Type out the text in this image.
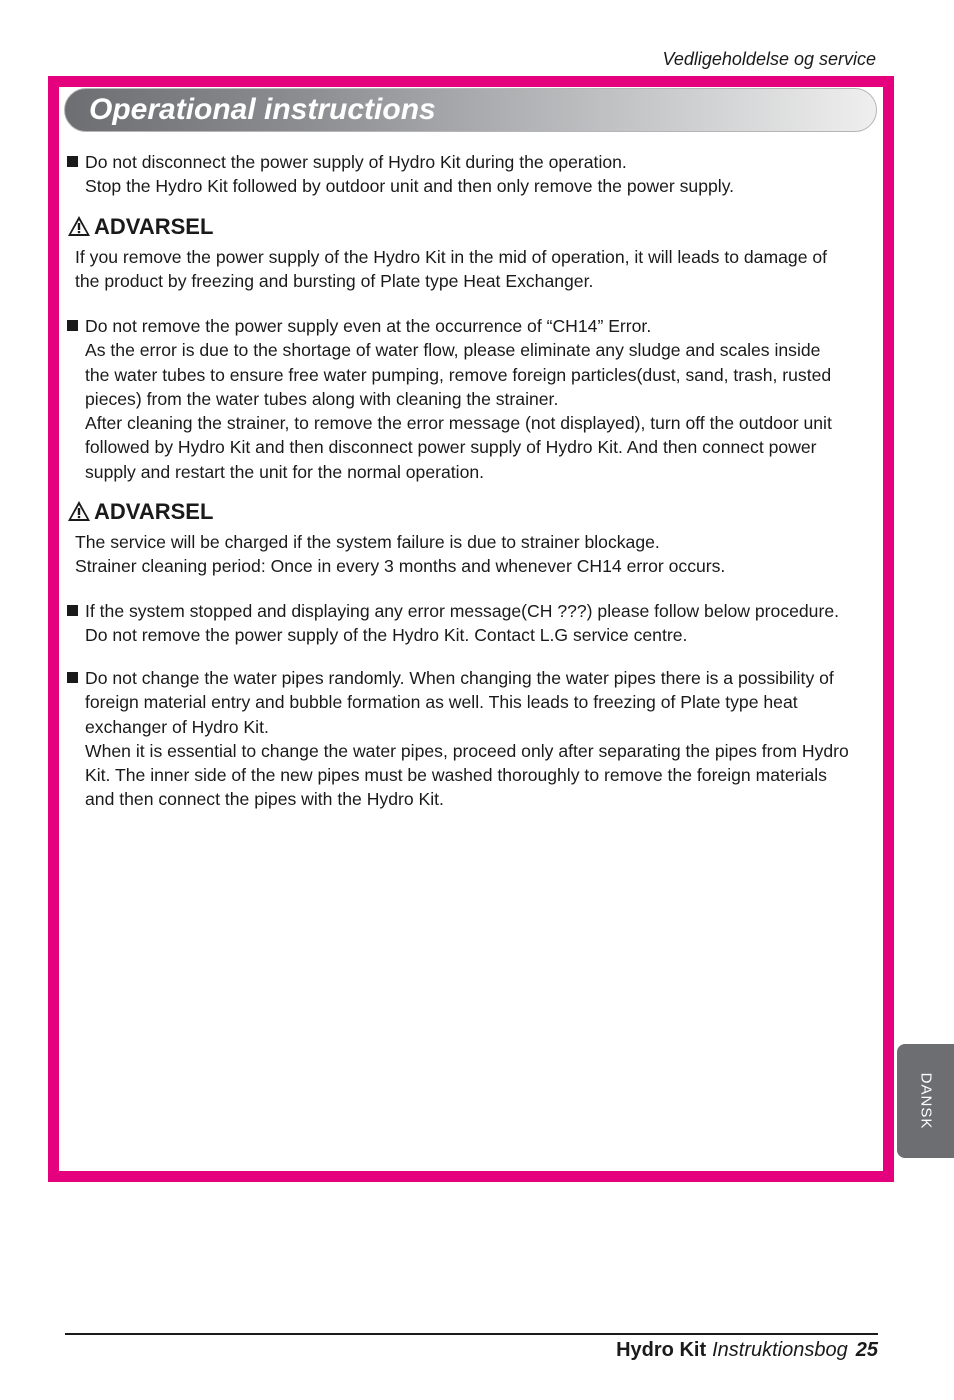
Vedligeholdelse og service
Operational instructions
Do not disconnect the power supply of Hydro Kit during the operation.
Stop the Hydro Kit followed by outdoor unit and then only remove the power supply.
ADVARSEL
If you remove the power supply of the Hydro Kit in the mid of operation, it will leads to damage of
the product by freezing and bursting of Plate type Heat Exchanger.
Do not remove the power supply even at the occurrence of “CH14” Error.
As the error is due to the shortage of water flow, please eliminate any sludge and scales inside
the water tubes to ensure free water pumping, remove foreign particles(dust, sand, trash, rusted
pieces) from the water tubes along with cleaning the strainer.
After cleaning the strainer, to remove the error message (not displayed), turn off the outdoor unit
followed by Hydro Kit and then disconnect power supply of Hydro Kit. And then connect power
supply and restart the unit for the normal operation.
ADVARSEL
The service will be charged if the system failure is due to strainer blockage.
Strainer cleaning period: Once in every 3 months and whenever CH14 error occurs.
If the system stopped and displaying any error message(CH ???) please follow below procedure.
Do not remove the power supply of the Hydro Kit. Contact L.G service centre.
Do not change the water pipes randomly. When changing the water pipes there is a possibility of
foreign material entry and bubble formation as well. This leads to freezing of Plate type heat
exchanger of Hydro Kit.
When it is essential to change the water pipes, proceed only after separating the pipes from Hydro
Kit. The inner side of the new pipes must be washed thoroughly to remove the foreign materials
and then connect the pipes with the Hydro Kit.
DANSK
Hydro Kit Instruktionsbog 25
